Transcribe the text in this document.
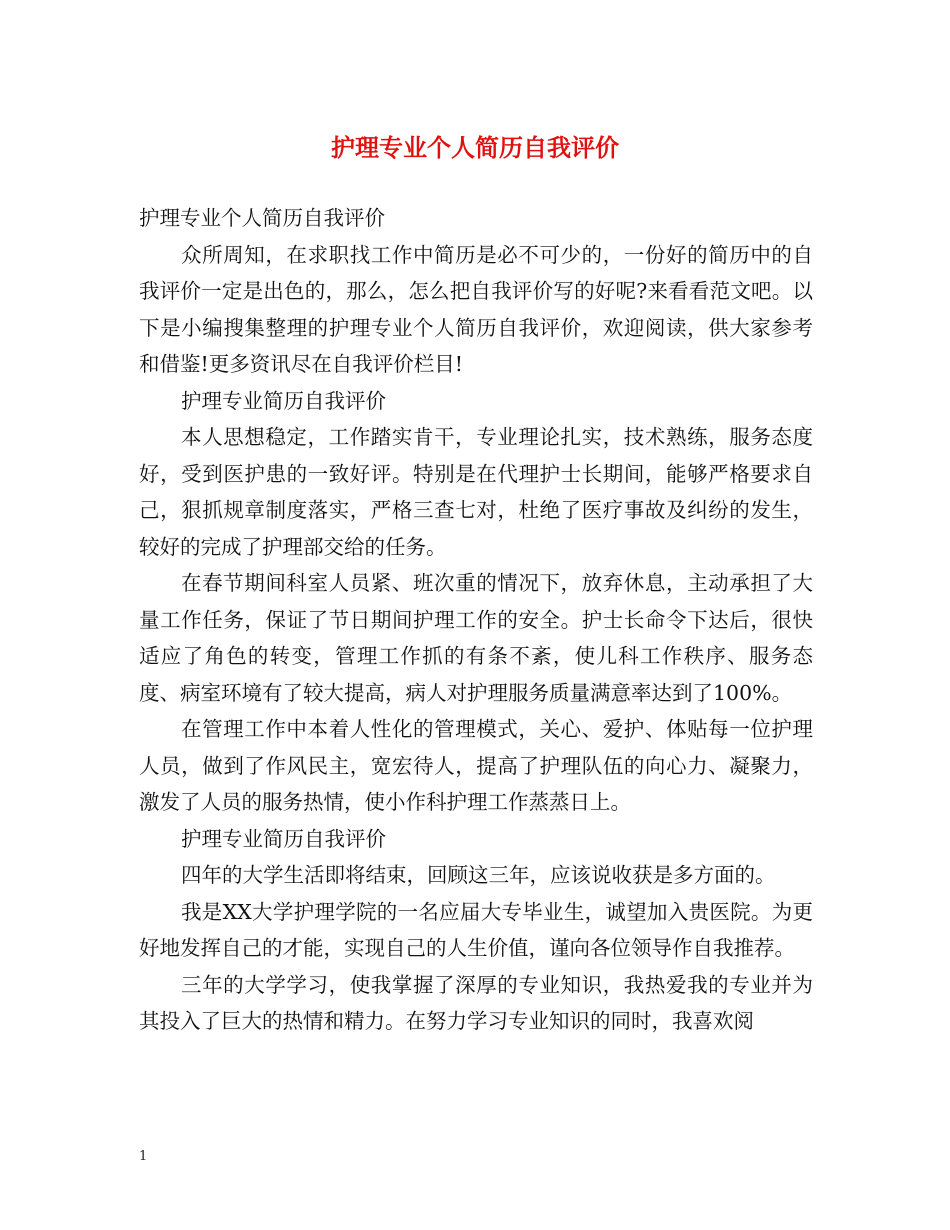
护理专业个人简历自我评价

护理专业个人简历自我评价

众所周知，在求职找工作中简历是必不可少的，一份好的简历中的自我评价一定是出色的，那么，怎么把自我评价写的好呢?来看看范文吧。以下是小编搜集整理的护理专业个人简历自我评价，欢迎阅读，供大家参考和借鉴!更多资讯尽在自我评价栏目!

护理专业简历自我评价

本人思想稳定，工作踏实肯干，专业理论扎实，技术熟练，服务态度好，受到医护患的一致好评。特别是在代理护士长期间，能够严格要求自己，狠抓规章制度落实，严格三查七对，杜绝了医疗事故及纠纷的发生，较好的完成了护理部交给的任务。

在春节期间科室人员紧、班次重的情况下，放弃休息，主动承担了大量工作任务，保证了节日期间护理工作的安全。护士长命令下达后，很快适应了角色的转变，管理工作抓的有条不紊，使儿科工作秩序、服务态度、病室环境有了较大提高，病人对护理服务质量满意率达到了100%。

在管理工作中本着人性化的管理模式，关心、爱护、体贴每一位护理人员，做到了作风民主，宽宏待人，提高了护理队伍的向心力、凝聚力，激发了人员的服务热情，使小作科护理工作蒸蒸日上。

护理专业简历自我评价

四年的大学生活即将结束，回顾这三年，应该说收获是多方面的。

我是XX大学护理学院的一名应届大专毕业生，诚望加入贵医院。为更好地发挥自己的才能，实现自己的人生价值，谨向各位领导作自我推荐。

三年的大学学习，使我掌握了深厚的专业知识，我热爱我的专业并为其投入了巨大的热情和精力。在努力学习专业知识的同时，我喜欢阅

1
